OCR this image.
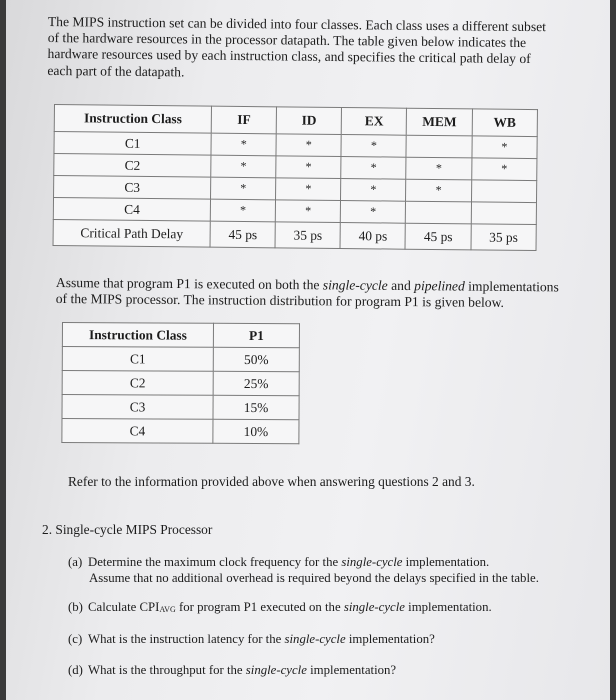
The MIPS instruction set can be divided into four classes. Each class uses a different subset
of the hardware resources in the processor datapath. The table given below indicates the
hardware resources used by each instruction class, and specifies the critical path delay of
each part of the datapath.
Instruction Class	IF	ID	EX	MEM	WB
C1	*	*	*		*
C2	*	*	*	*	*
C3	*	*	*	*	
C4	*	*	*		
Critical Path Delay	45 ps	35 ps	40 ps	45 ps	35 ps
Assume that program P1 is executed on both the single-cycle and pipelined implementations
of the MIPS processor. The instruction distribution for program P1 is given below.
Instruction Class	P1
C1	50%
C2	25%
C3	15%
C4	10%
Refer to the information provided above when answering questions 2 and 3.
2. Single-cycle MIPS Processor
(a) Determine the maximum clock frequency for the single-cycle implementation.
Assume that no additional overhead is required beyond the delays specified in the table.
(b) Calculate $CPI_{AVG}$ for program P1 executed on the single-cycle implementation.
(c) What is the instruction latency for the single-cycle implementation?
(d) What is the throughput for the single-cycle implementation?
